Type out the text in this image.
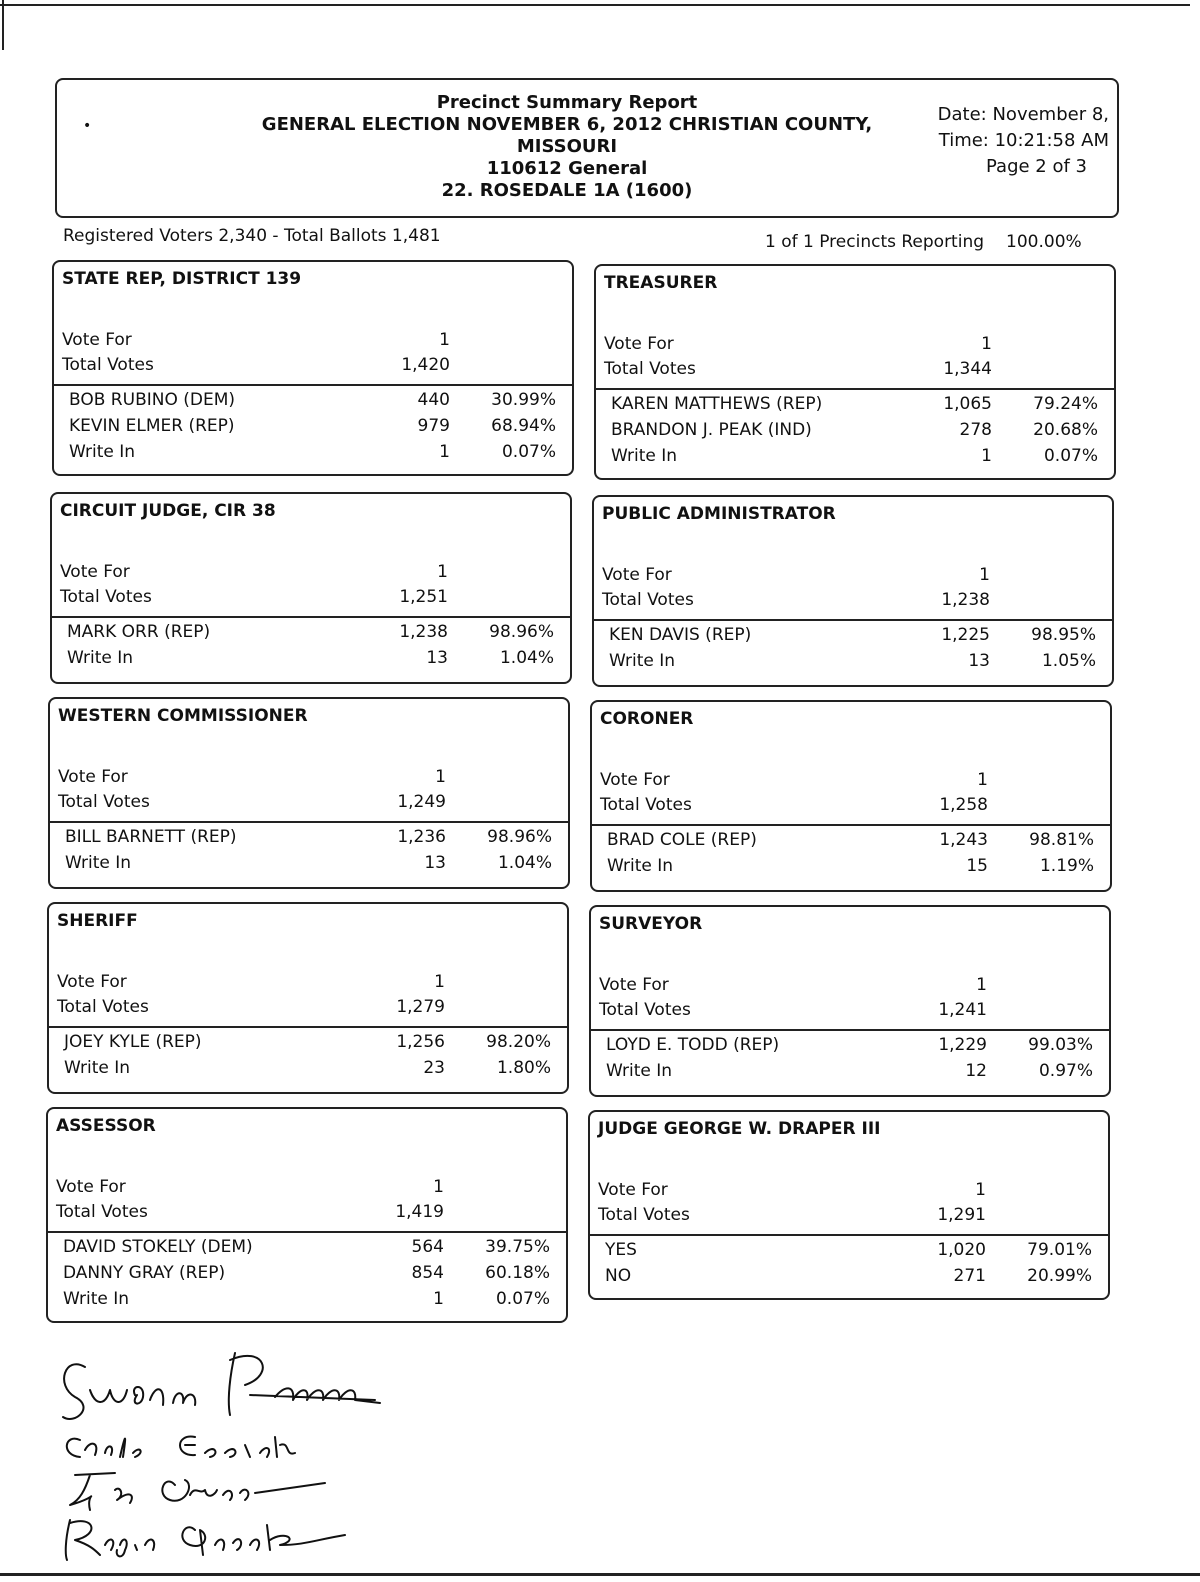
•
Precinct Summary Report
GENERAL ELECTION NOVEMBER 6, 2012 CHRISTIAN COUNTY,
MISSOURI
110612 General
22. ROSEDALE 1A (1600)
Date: November 8,
Time: 10:21:58 AM
Page 2 of 3
Registered Voters 2,340 - Total Ballots 1,481	1 of 1 Precincts Reporting 100.00%
STATE REP, DISTRICT 139
Vote For	1
Total Votes	1,420
BOB RUBINO (DEM)	440 30.99%
KEVIN ELMER (REP)	979 68.94%
Write In	1	0.07%
TREASURER
Vote For	1
Total Votes	1,344
KAREN MATTHEWS (REP)	1,065 79.24%
BRANDON J. PEAK (IND)	278 20.68%
Write In	1	0.07%
CIRCUIT JUDGE, CIR 38
Vote For	1
Total Votes	1,251
MARK ORR (REP)	1,238 98.96%
Write In	13	1.04%
PUBLIC ADMINISTRATOR
Vote For	1
Total Votes	1,238
KEN DAVIS (REP)	1,225 98.95%
Write In	13	1.05%
WESTERN COMMISSIONER
Vote For	1
Total Votes	1,249
BILL BARNETT (REP)	1,236 98.96%
Write In	13	1.04%
CORONER
Vote For	1
Total Votes	1,258
BRAD COLE (REP)	1,243 98.81%
Write In	15	1.19%
SHERIFF
Vote For	1
Total Votes	1,279
JOEY KYLE (REP)	1,256 98.20%
Write In	23	1.80%
SURVEYOR
Vote For	1
Total Votes	1,241
LOYD E. TODD (REP)	1,229 99.03%
Write In	12	0.97%
ASSESSOR
Vote For	1
Total Votes	1,419
DAVID STOKELY (DEM)	564 39.75%
DANNY GRAY (REP)	854 60.18%
Write In	1	0.07%
JUDGE GEORGE W. DRAPER III
Vote For	1
Total Votes	1,291
YES	1,020 79.01%
NO	271 20.99%
